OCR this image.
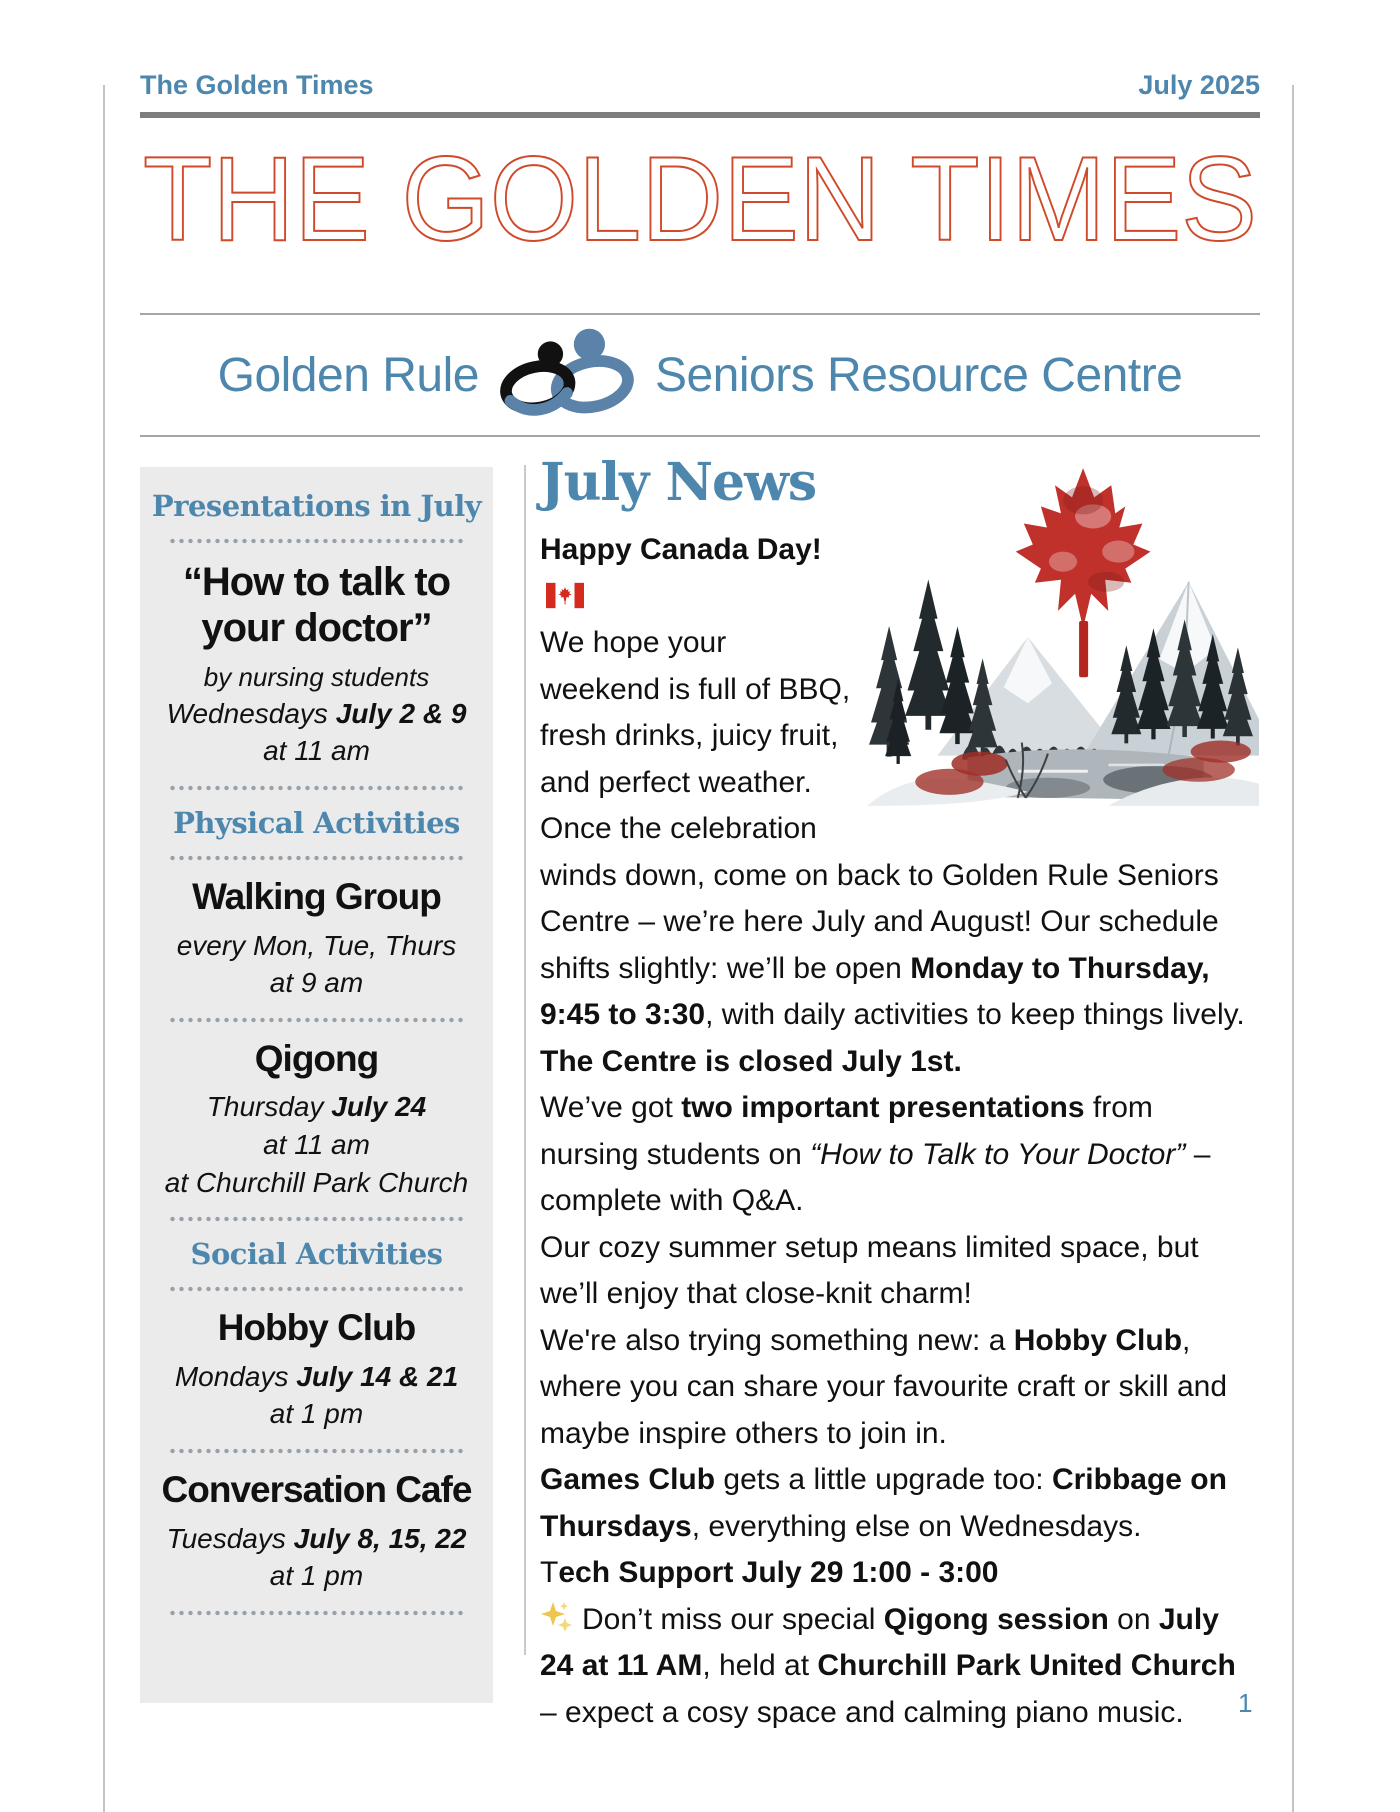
The Golden Times	July 2025
THE GOLDEN TIMES
Golden Rule	Seniors Resource Centre
Presentations in July
“How to talk to your doctor”
by nursing students
Wednesdays July 2 & 9
at 11 am
Physical Activities
Walking Group
every Mon, Tue, Thurs
at 9 am
Qigong
Thursday July 24
at 11 am
at Churchill Park Church
Social Activities
Hobby Club
Mondays July 14 & 21
at 1 pm
Conversation Cafe
Tuesdays July 8, 15, 22
at 1 pm
July News

Happy Canada Day!

We hope your weekend is full of BBQ, fresh drinks, juicy fruit, and perfect weather.

Once the celebration winds down, come on back to Golden Rule Seniors Centre – we’re here July and August! Our schedule shifts slightly: we’ll be open Monday to Thursday, 9:45 to 3:30, with daily activities to keep things lively. The Centre is closed July 1st.

We’ve got two important presentations from nursing students on “How to Talk to Your Doctor” – complete with Q&A.

Our cozy summer setup means limited space, but we’ll enjoy that close-knit charm!

We're also trying something new: a Hobby Club, where you can share your favourite craft or skill and maybe inspire others to join in.

Games Club gets a little upgrade too: Cribbage on Thursdays, everything else on Wednesdays.

Tech Support July 29 1:00 - 3:00

Don’t miss our special Qigong session on July 24 at 11 AM, held at Churchill Park United Church – expect a cosy space and calming piano music.	1
